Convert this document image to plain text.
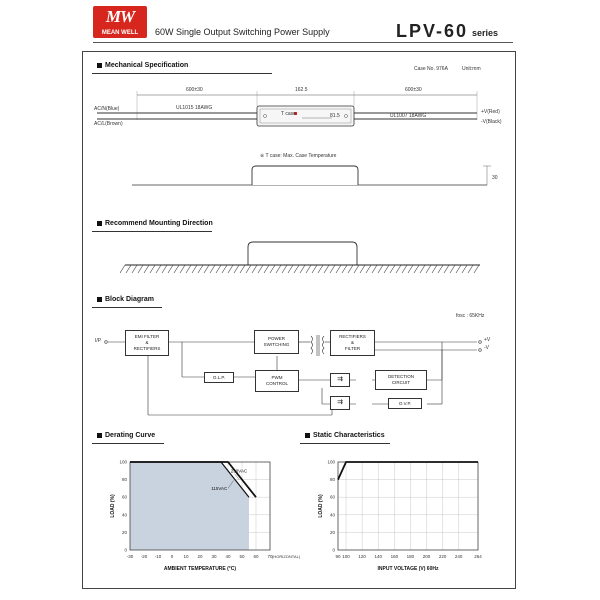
MW
MEAN WELL	60W Single Output Switching Power Supply	LPV-60 series
Mechanical Specification	Case No. 976A	Unit:mm
600±30	162.5	600±30
UL1015 18AWG
UL1007 18AWG
AC/N(Blue)
AC/L(Brown)
+V(Red)
-V(Black)
T case	81.5
※ T case: Max. Case Temperature
30
Recommend Mounting Direction
Block Diagram
fosc : 65KHz
I/P
EMI FILTER
&
RECTIFIERS
POWER
SWITCHING
RECTIFIERS
&
FILTER
O.L.P.	PWM
CONTROL
⇉
⇉
DETECTION
CIRCUIT
O.V.P.
+V
-V
Derating Curve
-30 -20 -10 0 10 20 30 40 50 60 70
0
20
40
60
80
100
AMBIENT TEMPERATURE (°C)
LOAD (%)
230VAC
115VAC
(HORIZONTAL)
Static Characteristics
90 100 120 140 160 180 200 220 240	264
0
20
40
60
80
100
INPUT VOLTAGE (V) 60Hz
LOAD (%)
